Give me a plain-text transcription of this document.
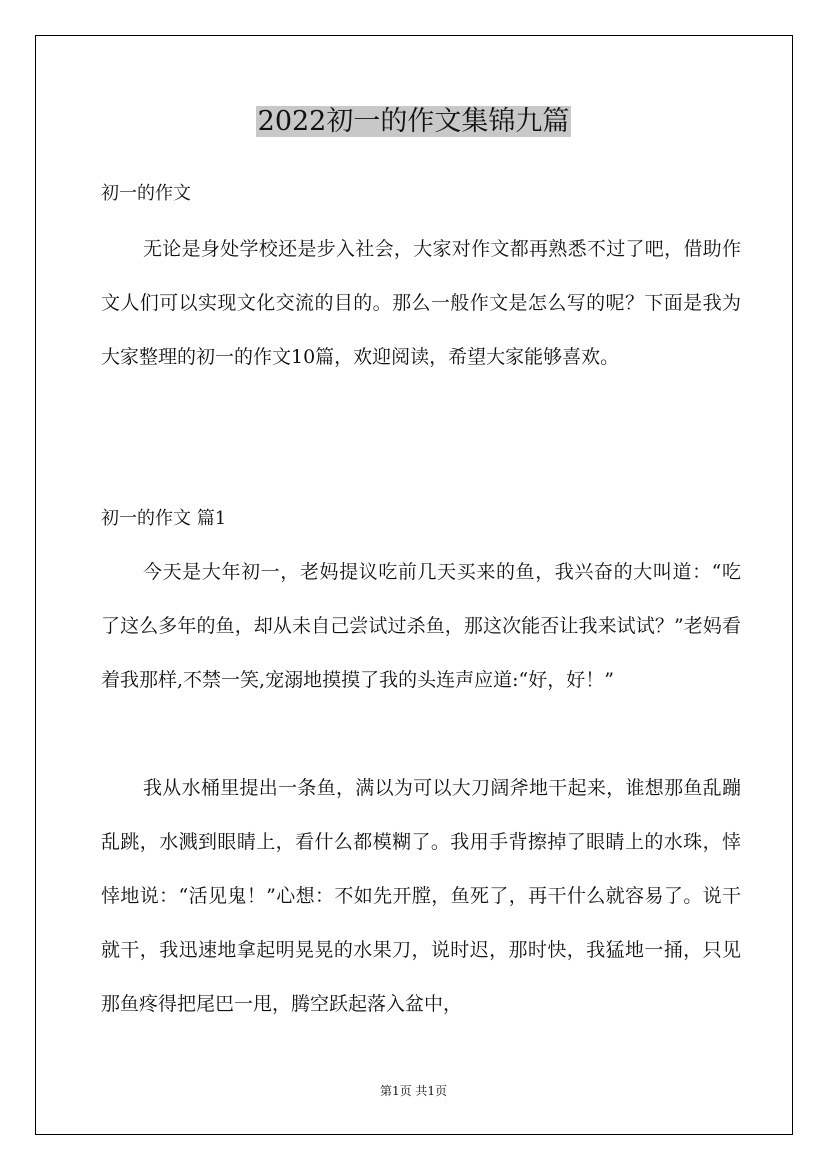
2022初一的作文集锦九篇
初一的作文

无论是身处学校还是步入社会，大家对作文都再熟悉不过了吧，借助作文人们可以实现文化交流的目的。那么一般作文是怎么写的呢？下面是我为大家整理的初一的作文10篇，欢迎阅读，希望大家能够喜欢。

初一的作文 篇1

今天是大年初一，老妈提议吃前几天买来的鱼，我兴奋的大叫道：“吃了这么多年的鱼，却从未自己尝试过杀鱼，那这次能否让我来试试？”老妈看着我那样,不禁一笑,宠溺地摸摸了我的头连声应道:“好，好！”

我从水桶里提出一条鱼，满以为可以大刀阔斧地干起来，谁想那鱼乱蹦乱跳，水溅到眼睛上，看什么都模糊了。我用手背擦掉了眼睛上的水珠，悻悻地说：“活见鬼！”心想：不如先开膛，鱼死了，再干什么就容易了。说干就干，我迅速地拿起明晃晃的水果刀，说时迟，那时快，我猛地一捅，只见那鱼疼得把尾巴一甩，腾空跃起落入盆中，

第1页 共1页
